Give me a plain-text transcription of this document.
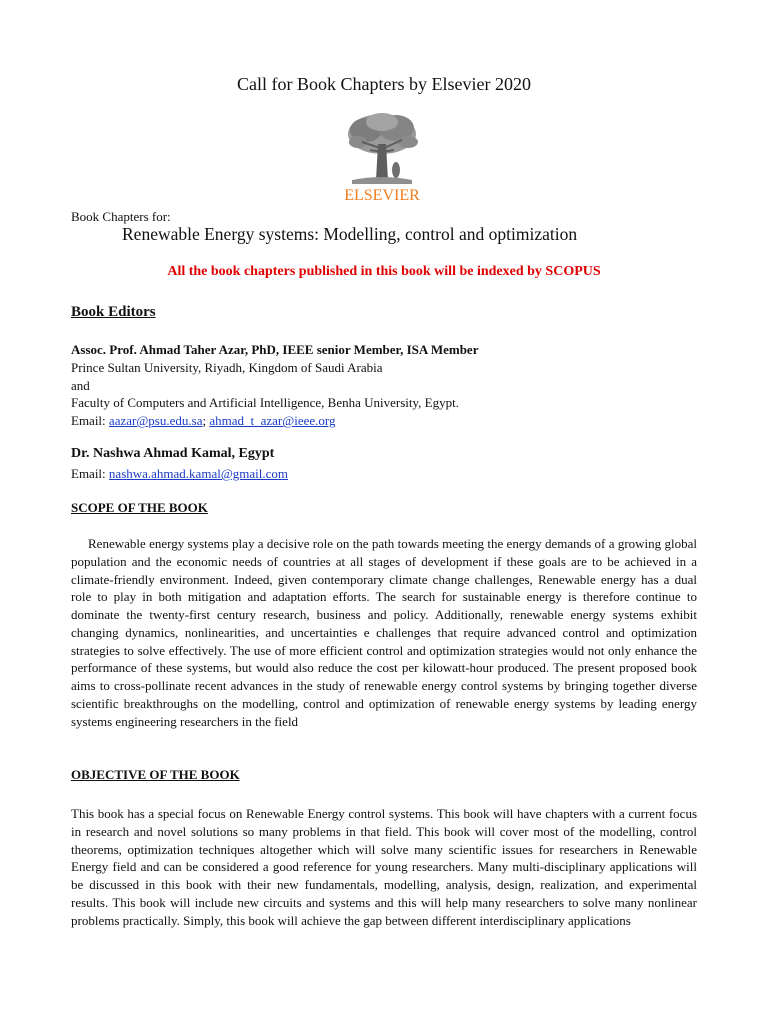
Call for Book Chapters by Elsevier 2020
ELSEVIER
Book Chapters for:
Renewable Energy systems: Modelling, control and optimization
All the book chapters published in this book will be indexed by SCOPUS
Book Editors
Assoc. Prof. Ahmad Taher Azar, PhD, IEEE senior Member, ISA Member
Prince Sultan University, Riyadh, Kingdom of Saudi Arabia
and
Faculty of Computers and Artificial Intelligence, Benha University, Egypt.
Email: aazar@psu.edu.sa; ahmad_t_azar@ieee.org
Dr. Nashwa Ahmad Kamal, Egypt
Email: nashwa.ahmad.kamal@gmail.com
SCOPE OF THE BOOK
Renewable energy systems play a decisive role on the path towards meeting the energy demands of a growing global population and the economic needs of countries at all stages of development if these goals are to be achieved in a climate-friendly environment. Indeed, given contemporary climate change challenges, Renewable energy has a dual role to play in both mitigation and adaptation efforts. The search for sustainable energy is therefore continue to dominate the twenty-first century research, business and policy. Additionally, renewable energy systems exhibit changing dynamics, nonlinearities, and uncertainties e challenges that require advanced control and optimization strategies to solve effectively. The use of more efficient control and optimization strategies would not only enhance the performance of these systems, but would also reduce the cost per kilowatt-hour produced. The present proposed book aims to cross-pollinate recent advances in the study of renewable energy control systems by bringing together diverse scientific breakthroughs on the modelling, control and optimization of renewable energy systems by leading energy systems engineering researchers in the field
OBJECTIVE OF THE BOOK
This book has a special focus on Renewable Energy control systems. This book will have chapters with a current focus in research and novel solutions so many problems in that field. This book will cover most of the modelling, control theorems, optimization techniques altogether which will solve many scientific issues for researchers in Renewable Energy field and can be considered a good reference for young researchers. Many multi-disciplinary applications will be discussed in this book with their new fundamentals, modelling, analysis, design, realization, and experimental results. This book will include new circuits and systems and this will help many researchers to solve many nonlinear problems practically. Simply, this book will achieve the gap between different interdisciplinary applications
